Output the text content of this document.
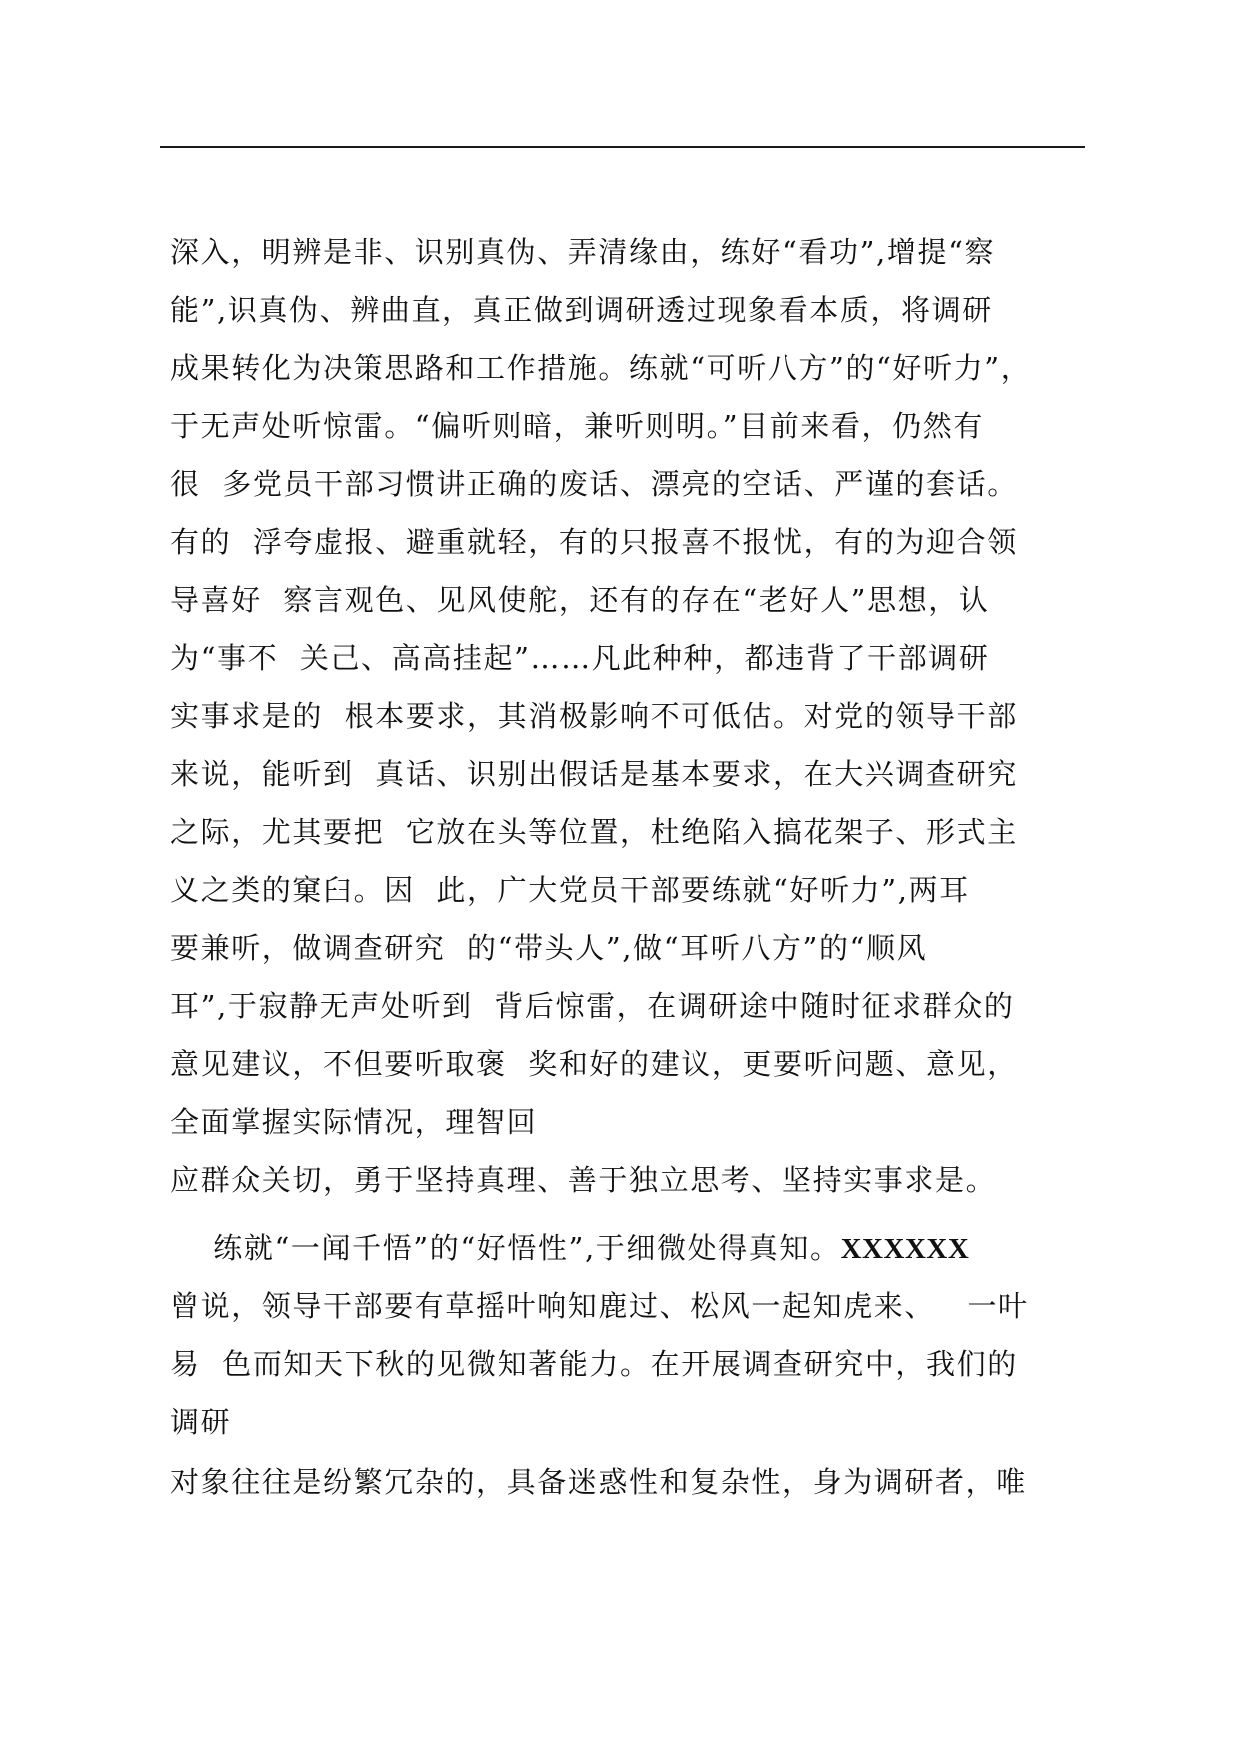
深入，明辨是非、识别真伪、弄清缘由，练好“看功”,增提“察
能”,识真伪、辨曲直，真正做到调研透过现象看本质，将调研
成果转化为决策思路和工作措施。练就“可听八方”的“好听力”，
于无声处听惊雷。“偏听则暗，兼听则明。”目前来看，仍然有
很  多党员干部习惯讲正确的废话、漂亮的空话、严谨的套话。
有的  浮夸虚报、避重就轻，有的只报喜不报忧，有的为迎合领
导喜好  察言观色、见风使舵，还有的存在“老好人”思想，认
为“事不  关己、高高挂起”……凡此种种，都违背了干部调研
实事求是的  根本要求，其消极影响不可低估。对党的领导干部
来说，能听到  真话、识别出假话是基本要求，在大兴调查研究
之际，尤其要把  它放在头等位置，杜绝陷入搞花架子、形式主
义之类的窠臼。因  此，广大党员干部要练就“好听力”,两耳
要兼听，做调查研究  的“带头人”,做“耳听八方”的“顺风
耳”,于寂静无声处听到  背后惊雷，在调研途中随时征求群众的
意见建议，不但要听取褒  奖和好的建议，更要听问题、意见，
全面掌握实际情况，理智回
应群众关切，勇于坚持真理、善于独立思考、坚持实事求是。
练就“一闻千悟”的“好悟性”,于细微处得真知。XXXXXX
曾说，领导干部要有草摇叶响知鹿过、松风一起知虎来、   一叶
易  色而知天下秋的见微知著能力。在开展调查研究中，我们的
调研
对象往往是纷繁冗杂的，具备迷惑性和复杂性，身为调研者，唯
